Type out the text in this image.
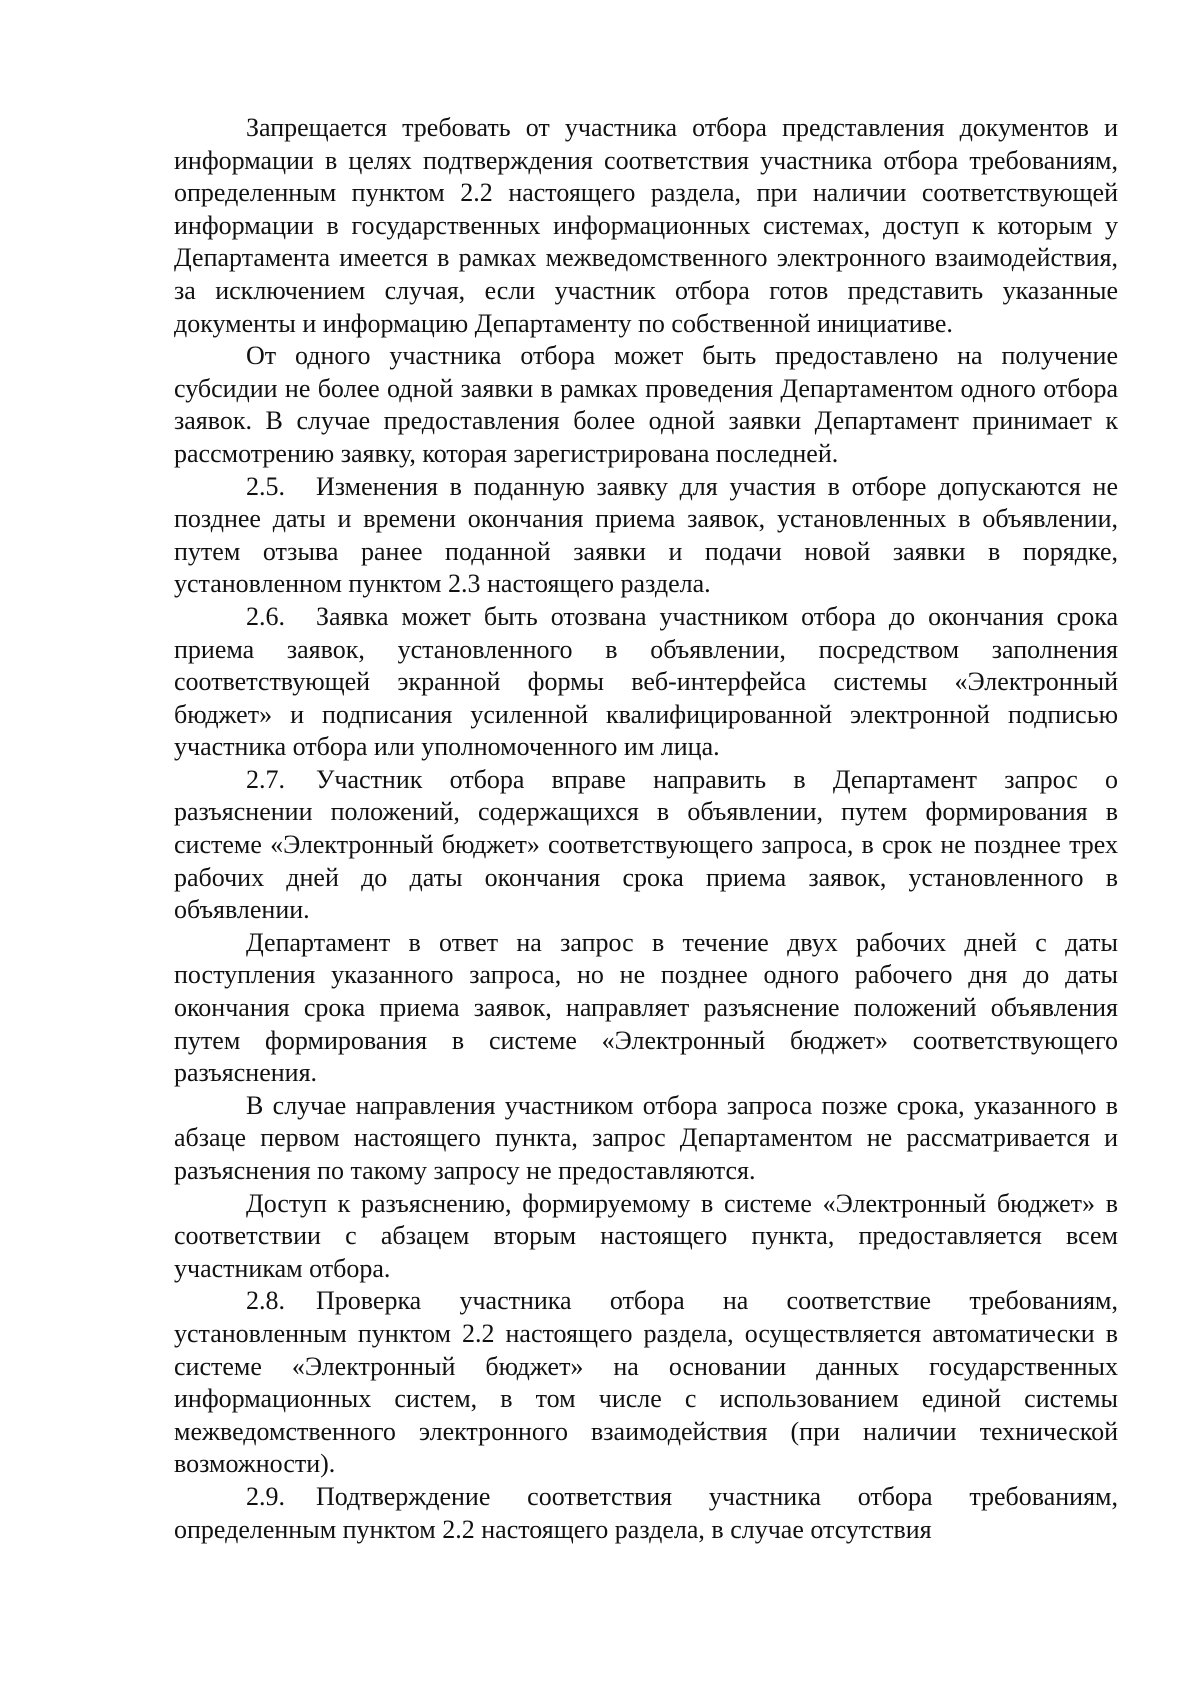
Запрещается требовать от участника отбора представления документов и информации в целях подтверждения соответствия участника отбора требованиям, определенным пунктом 2.2 настоящего раздела, при наличии соответствующей информации в государственных информационных системах, доступ к которым у Департамента имеется в рамках межведомственного электронного взаимодействия, за исключением случая, если участник отбора готов представить указанные документы и информацию Департаменту по собственной инициативе.

От одного участника отбора может быть предоставлено на получение субсидии не более одной заявки в рамках проведения Департаментом одного отбора заявок. В случае предоставления более одной заявки Департамент принимает к рассмотрению заявку, которая зарегистрирована последней.

2.5. Изменения в поданную заявку для участия в отборе допускаются не позднее даты и времени окончания приема заявок, установленных в объявлении, путем отзыва ранее поданной заявки и подачи новой заявки в порядке, установленном пунктом 2.3 настоящего раздела.

2.6. Заявка может быть отозвана участником отбора до окончания срока приема заявок, установленного в объявлении, посредством заполнения соответствующей экранной формы веб-интерфейса системы «Электронный бюджет» и подписания усиленной квалифицированной электронной подписью участника отбора или уполномоченного им лица.

2.7. Участник отбора вправе направить в Департамент запрос о разъяснении положений, содержащихся в объявлении, путем формирования в системе «Электронный бюджет» соответствующего запроса, в срок не позднее трех рабочих дней до даты окончания срока приема заявок, установленного в объявлении.

Департамент в ответ на запрос в течение двух рабочих дней с даты поступления указанного запроса, но не позднее одного рабочего дня до даты окончания срока приема заявок, направляет разъяснение положений объявления путем формирования в системе «Электронный бюджет» соответствующего разъяснения.

В случае направления участником отбора запроса позже срока, указанного в абзаце первом настоящего пункта, запрос Департаментом не рассматривается и разъяснения по такому запросу не предоставляются.

Доступ к разъяснению, формируемому в системе «Электронный бюджет» в соответствии с абзацем вторым настоящего пункта, предоставляется всем участникам отбора.

2.8. Проверка участника отбора на соответствие требованиям, установленным пунктом 2.2 настоящего раздела, осуществляется автоматически в системе «Электронный бюджет» на основании данных государственных информационных систем, в том числе с использованием единой системы межведомственного электронного взаимодействия (при наличии технической возможности).

2.9. Подтверждение соответствия участника отбора требованиям, определенным пунктом 2.2 настоящего раздела, в случае отсутствия
